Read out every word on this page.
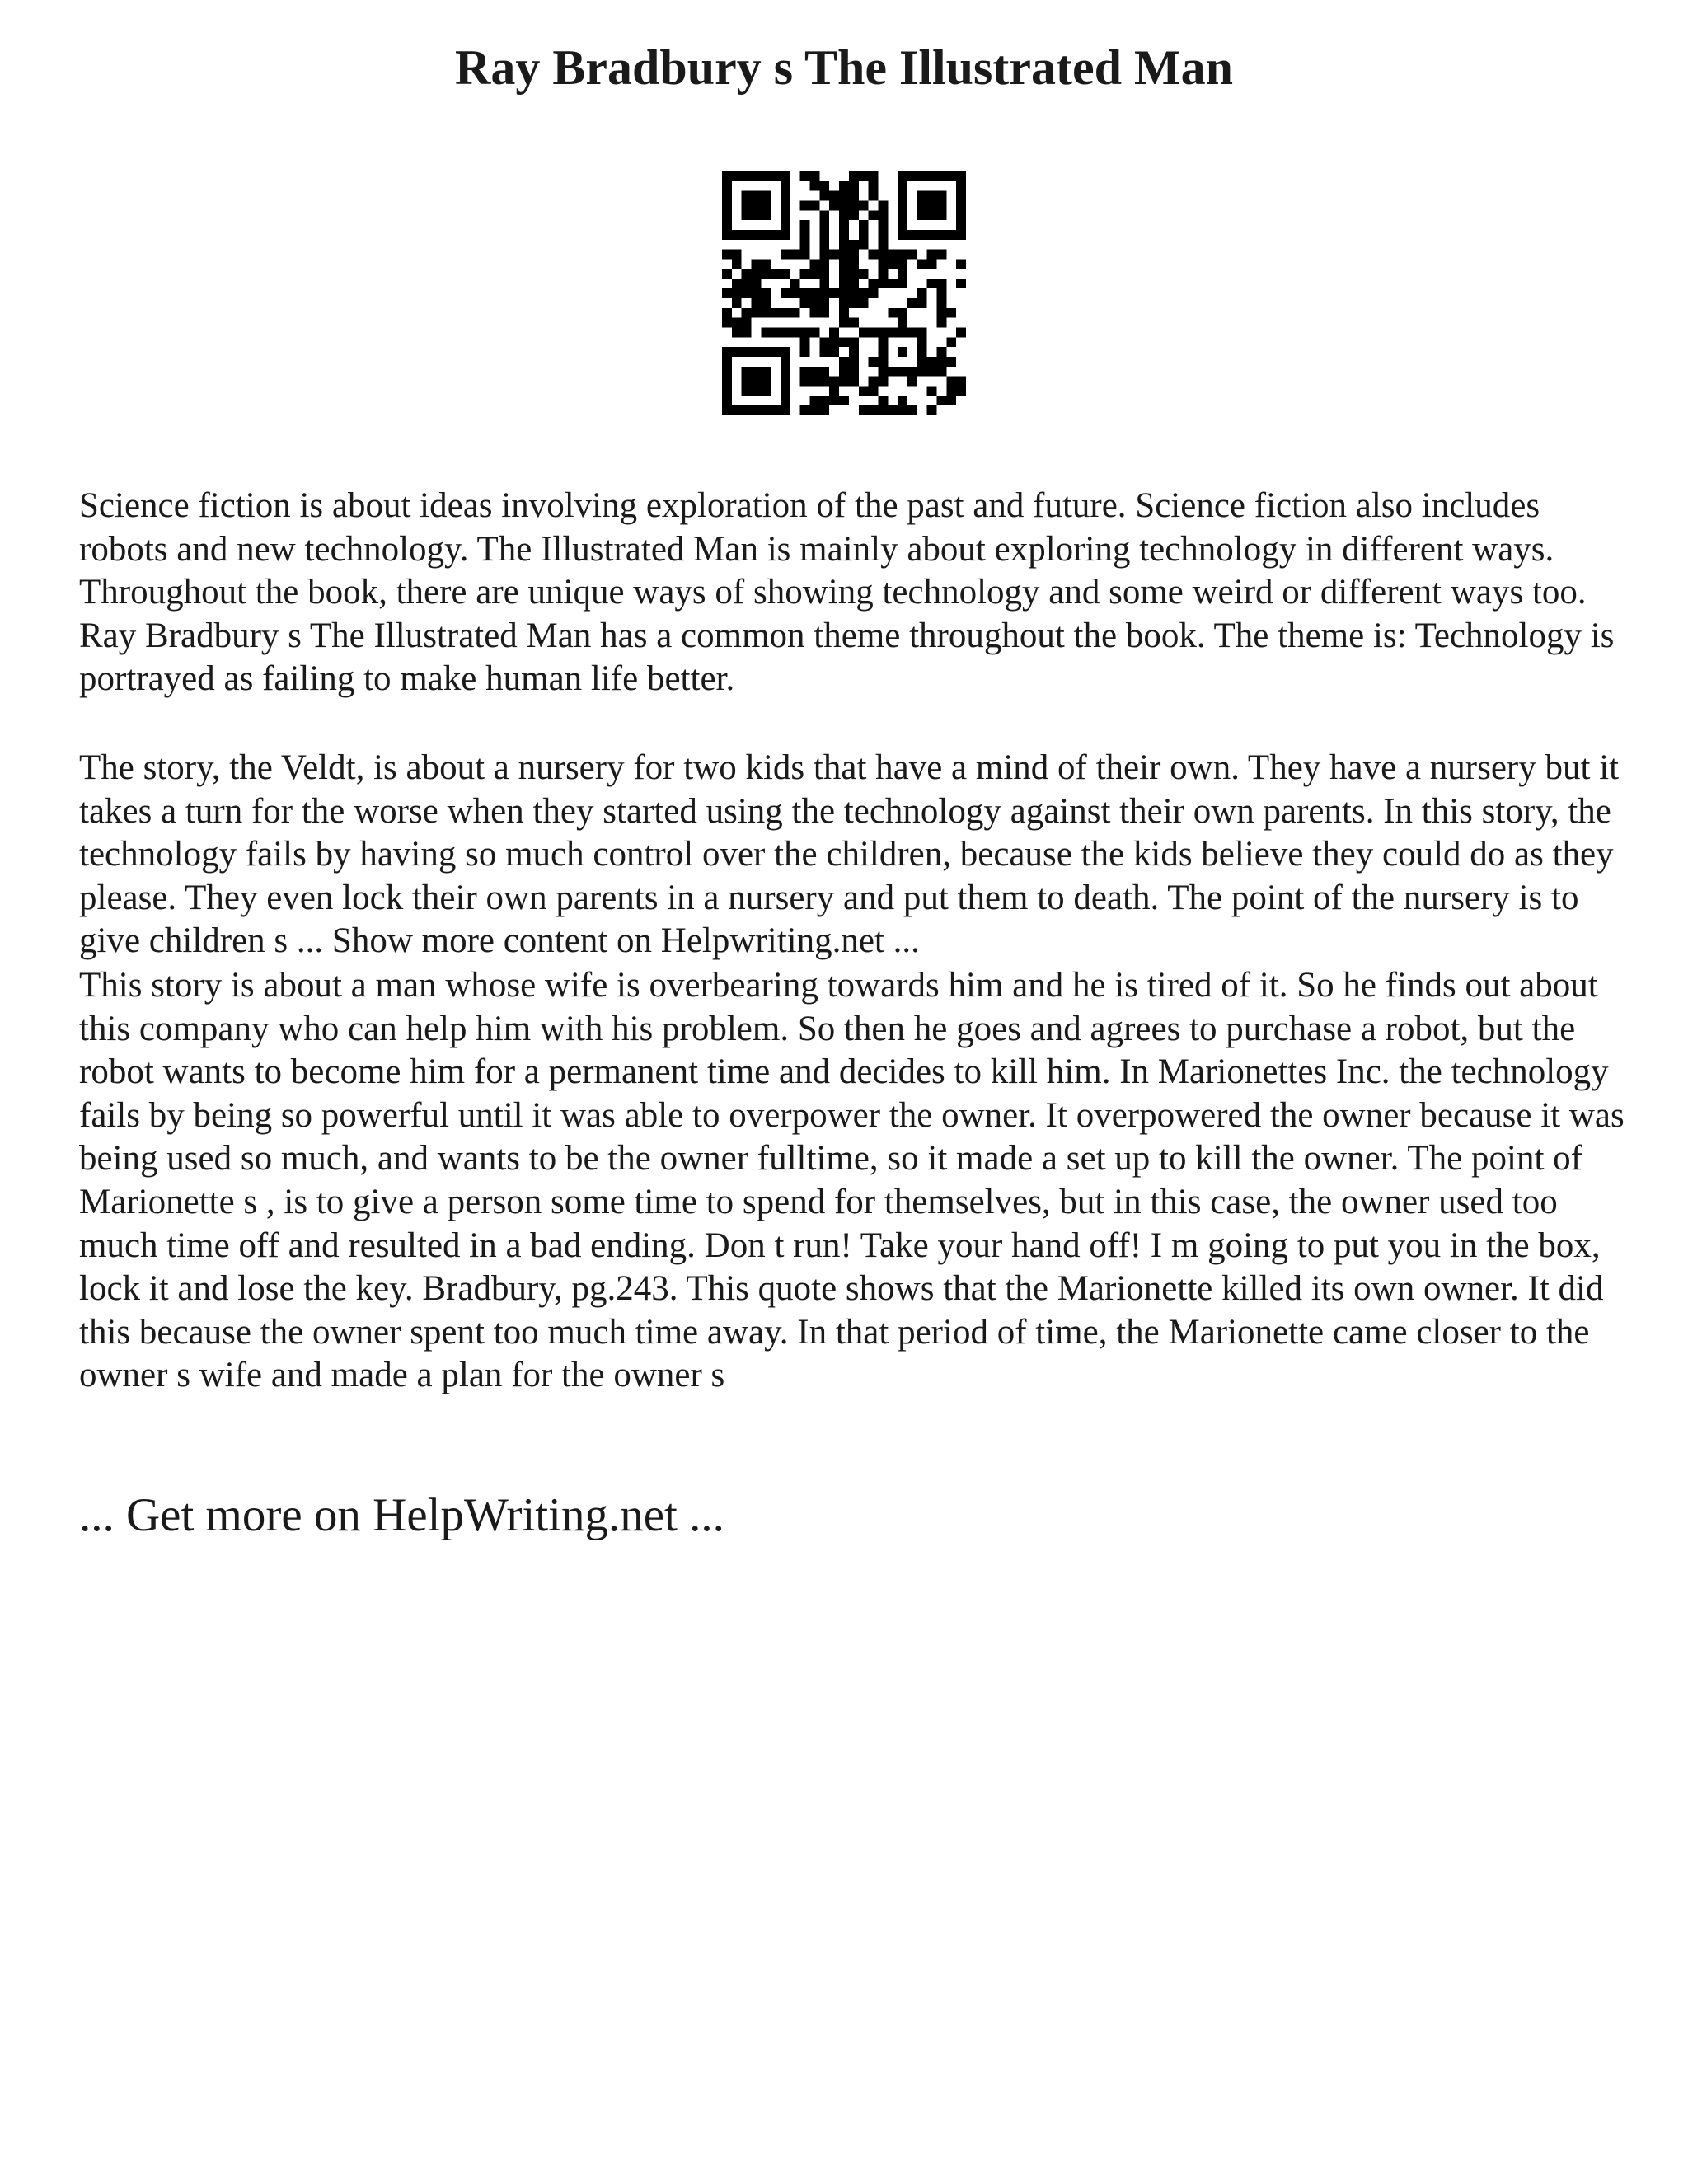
Ray Bradbury s The Illustrated Man

Science fiction is about ideas involving exploration of the past and future. Science fiction also includes robots and new technology. The Illustrated Man is mainly about exploring technology in different ways. Throughout the book, there are unique ways of showing technology and some weird or different ways too. Ray Bradbury s The Illustrated Man has a common theme throughout the book. The theme is: Technology is portrayed as failing to make human life better.

The story, the Veldt, is about a nursery for two kids that have a mind of their own. They have a nursery but it takes a turn for the worse when they started using the technology against their own parents. In this story, the technology fails by having so much control over the children, because the kids believe they could do as they please. They even lock their own parents in a nursery and put them to death. The point of the nursery is to give children s ... Show more content on Helpwriting.net ...

This story is about a man whose wife is overbearing towards him and he is tired of it. So he finds out about this company who can help him with his problem. So then he goes and agrees to purchase a robot, but the robot wants to become him for a permanent time and decides to kill him. In Marionettes Inc. the technology fails by being so powerful until it was able to overpower the owner. It overpowered the owner because it was being used so much, and wants to be the owner fulltime, so it made a set up to kill the owner. The point of Marionette s , is to give a person some time to spend for themselves, but in this case, the owner used too much time off and resulted in a bad ending. Don t run! Take your hand off! I m going to put you in the box, lock it and lose the key. Bradbury, pg.243. This quote shows that the Marionette killed its own owner. It did this because the owner spent too much time away. In that period of time, the Marionette came closer to the owner s wife and made a plan for the owner s

... Get more on HelpWriting.net ...
